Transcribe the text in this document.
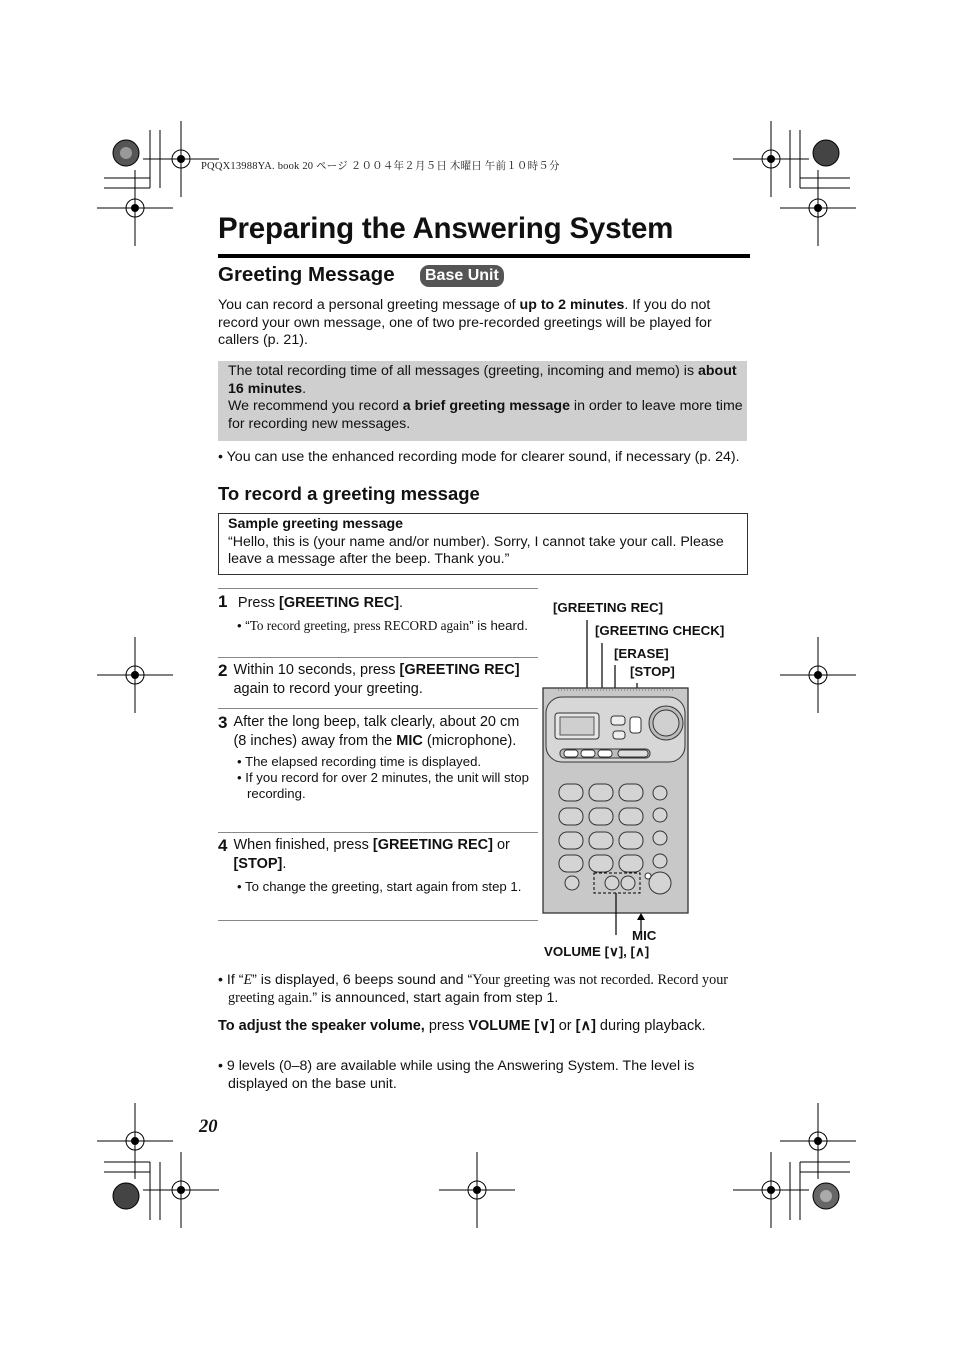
PQQX13988YA. book 20 ページ ２００４年２月５日 木曜日 午前１０時５分
Preparing the Answering System
Greeting Message	Base Unit
You can record a personal greeting message of up to 2 minutes. If you do not record your own message, one of two pre-recorded greetings will be played for callers (p. 21).
The total recording time of all messages (greeting, incoming and memo) is about 16 minutes.
We recommend you record a brief greeting message in order to leave more time for recording new messages.
• You can use the enhanced recording mode for clearer sound, if necessary (p. 24).
To record a greeting message
Sample greeting message
“Hello, this is (your name and/or number). Sorry, I cannot take your call. Please leave a message after the beep. Thank you.”
1 Press [GREETING REC].
• “To record greeting, press RECORD again” is heard.
2 Within 10 seconds, press [GREETING REC] again to record your greeting.
3 After the long beep, talk clearly, about 20 cm (8 inches) away from the MIC (microphone).
• The elapsed recording time is displayed.
• If you record for over 2 minutes, the unit will stop recording.
4 When finished, press [GREETING REC] or [STOP].
• To change the greeting, start again from step 1.
[GREETING REC]
[GREETING CHECK]
[ERASE]
[STOP]
MIC
VOLUME [∨], [∧]
• If “E” is displayed, 6 beeps sound and “Your greeting was not recorded. Record your greeting again.” is announced, start again from step 1.
To adjust the speaker volume, press VOLUME [∨] or [∧] during playback.
• 9 levels (0–8) are available while using the Answering System. The level is displayed on the base unit.
20
